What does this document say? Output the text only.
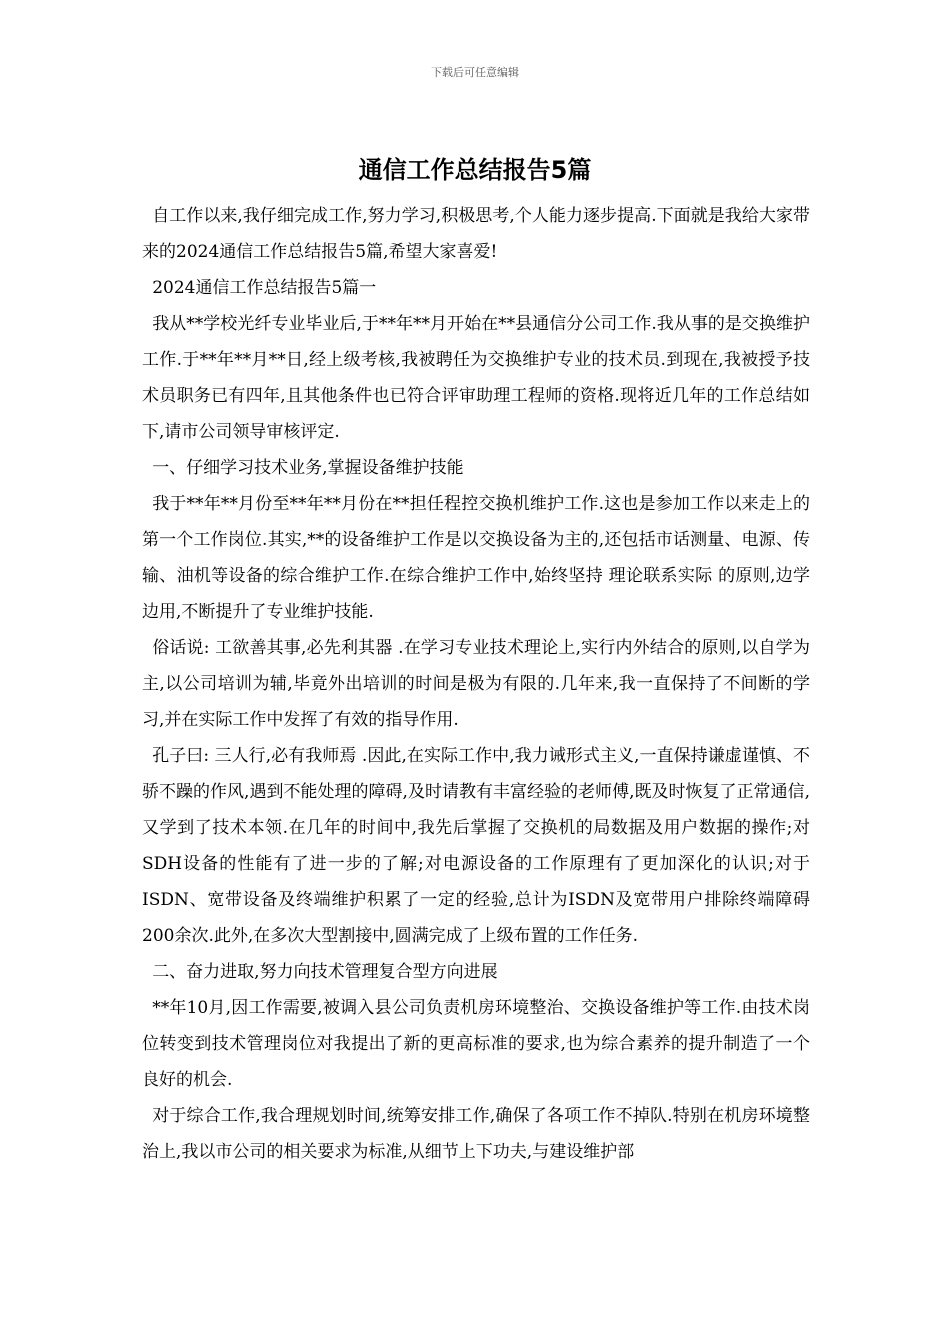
下载后可任意编辑
通信工作总结报告5篇

自工作以来,我仔细完成工作,努力学习,积极思考,个人能力逐步提高.下面就是我给大家带来的2024通信工作总结报告5篇,希望大家喜爱!

2024通信工作总结报告5篇一

我从**学校光纤专业毕业后,于**年**月开始在**县通信分公司工作.我从事的是交换维护工作.于**年**月**日,经上级考核,我被聘任为交换维护专业的技术员.到现在,我被授予技术员职务已有四年,且其他条件也已符合评审助理工程师的资格.现将近几年的工作总结如下,请市公司领导审核评定.

一、仔细学习技术业务,掌握设备维护技能

我于**年**月份至**年**月份在**担任程控交换机维护工作.这也是参加工作以来走上的第一个工作岗位.其实,**的设备维护工作是以交换设备为主的,还包括市话测量、电源、传输、油机等设备的综合维护工作.在综合维护工作中,始终坚持 理论联系实际 的原则,边学边用,不断提升了专业维护技能.

俗话说: 工欲善其事,必先利其器 .在学习专业技术理论上,实行内外结合的原则,以自学为主,以公司培训为辅,毕竟外出培训的时间是极为有限的.几年来,我一直保持了不间断的学习,并在实际工作中发挥了有效的指导作用.

孔子曰: 三人行,必有我师焉 .因此,在实际工作中,我力诫形式主义,一直保持谦虚谨慎、不骄不躁的作风,遇到不能处理的障碍,及时请教有丰富经验的老师傅,既及时恢复了正常通信,又学到了技术本领.在几年的时间中,我先后掌握了交换机的局数据及用户数据的操作;对SDH设备的性能有了进一步的了解;对电源设备的工作原理有了更加深化的认识;对于ISDN、宽带设备及终端维护积累了一定的经验,总计为ISDN及宽带用户排除终端障碍200余次.此外,在多次大型割接中,圆满完成了上级布置的工作任务.

二、奋力进取,努力向技术管理复合型方向进展

**年10月,因工作需要,被调入县公司负责机房环境整治、交换设备维护等工作.由技术岗位转变到技术管理岗位对我提出了新的更高标准的要求,也为综合素养的提升制造了一个良好的机会.

对于综合工作,我合理规划时间,统筹安排工作,确保了各项工作不掉队.特别在机房环境整治上,我以市公司的相关要求为标准,从细节上下功夫,与建设维护部
